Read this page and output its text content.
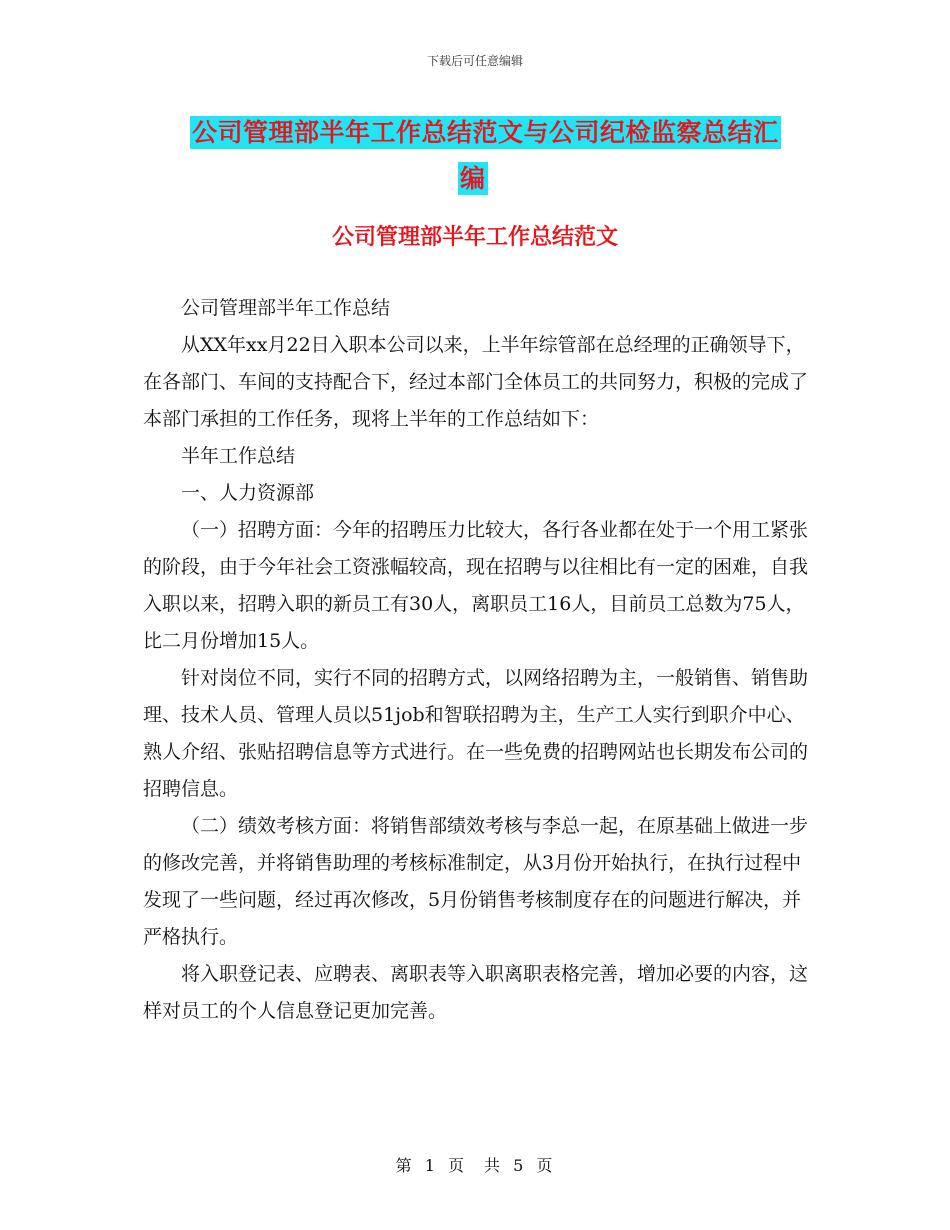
下载后可任意编辑
公司管理部半年工作总结范文与公司纪检监察总结汇
编
公司管理部半年工作总结范文

公司管理部半年工作总结

从XX年xx月22日入职本公司以来，上半年综管部在总经理的正确领导下，在各部门、车间的支持配合下，经过本部门全体员工的共同努力，积极的完成了本部门承担的工作任务，现将上半年的工作总结如下：

半年工作总结

一、人力资源部

（一）招聘方面：今年的招聘压力比较大，各行各业都在处于一个用工紧张的阶段，由于今年社会工资涨幅较高，现在招聘与以往相比有一定的困难，自我入职以来，招聘入职的新员工有30人，离职员工16人，目前员工总数为75人，比二月份增加15人。

针对岗位不同，实行不同的招聘方式，以网络招聘为主，一般销售、销售助理、技术人员、管理人员以51job和智联招聘为主，生产工人实行到职介中心、熟人介绍、张贴招聘信息等方式进行。在一些免费的招聘网站也长期发布公司的招聘信息。

（二）绩效考核方面：将销售部绩效考核与李总一起，在原基础上做进一步的修改完善，并将销售助理的考核标准制定，从3月份开始执行，在执行过程中发现了一些问题，经过再次修改，5月份销售考核制度存在的问题进行解决，并严格执行。

将入职登记表、应聘表、离职表等入职离职表格完善，增加必要的内容，这样对员工的个人信息登记更加完善。

第 1 页　共 5 页
